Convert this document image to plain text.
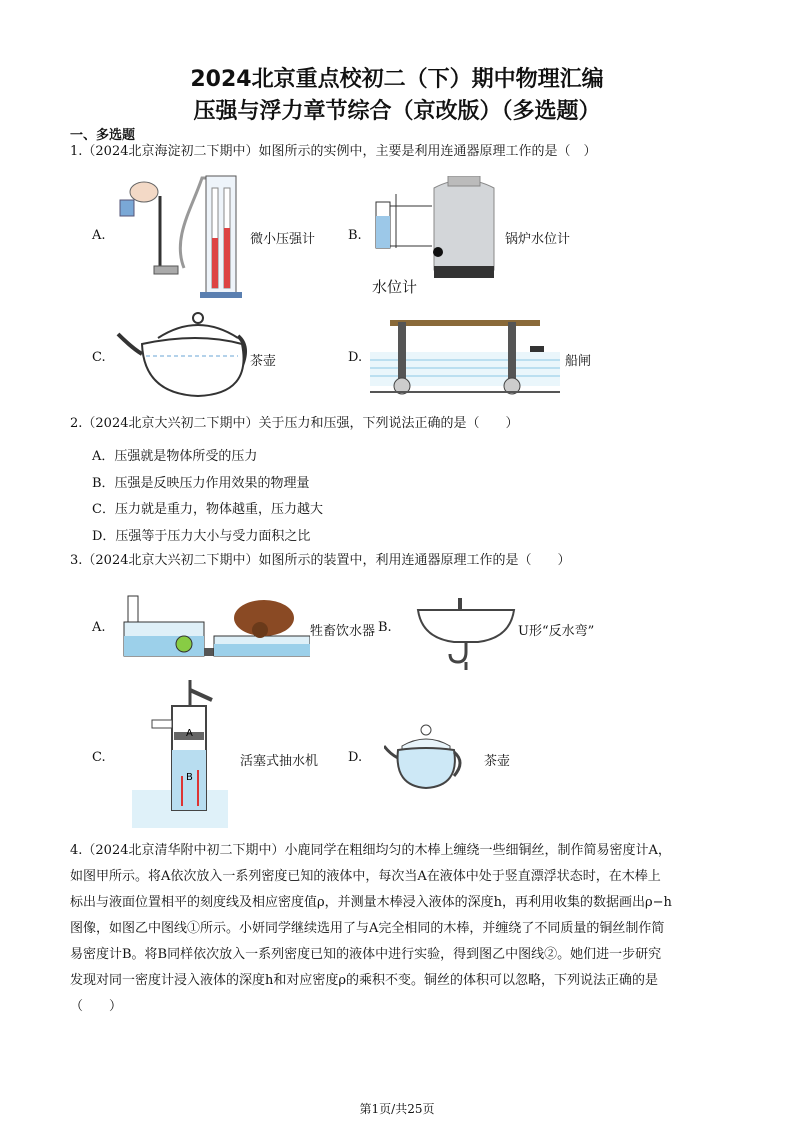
2024北京重点校初二（下）期中物理汇编
压强与浮力章节综合（京改版）（多选题）
一、多选题
1.（2024北京海淀初二下期中）如图所示的实例中，主要是利用连通器原理工作的是（　）
A.	微小压强计	B.
水位计
锅炉水位计
C.	茶壶	D.	船闸
2.（2024北京大兴初二下期中）关于压力和压强，下列说法正确的是（　　）
A．压强就是物体所受的压力
B．压强是反映压力作用效果的物理量
C．压力就是重力，物体越重，压力越大
D．压强等于压力大小与受力面积之比
3.（2024北京大兴初二下期中）如图所示的装置中，利用连通器原理工作的是（　　）
A.	牲畜饮水器 B.	U形“反水弯”
C.
A
B
活塞式抽水机 D.	茶壶
4.（2024北京清华附中初二下期中）小鹿同学在粗细均匀的木棒上缠绕一些细铜丝，制作简易密度计A，
如图甲所示。将A依次放入一系列密度已知的液体中，每次当A在液体中处于竖直漂浮状态时，在木棒上
标出与液面位置相平的刻度线及相应密度值ρ，并测量木棒浸入液体的深度h，再利用收集的数据画出ρ−h
图像，如图乙中图线①所示。小妍同学继续选用了与A完全相同的木棒，并缠绕了不同质量的铜丝制作简
易密度计B。将B同样依次放入一系列密度已知的液体中进行实验，得到图乙中图线②。她们进一步研究
发现对同一密度计浸入液体的深度h和对应密度ρ的乘积不变。铜丝的体积可以忽略，下列说法正确的是
（　　）
第1页/共25页
